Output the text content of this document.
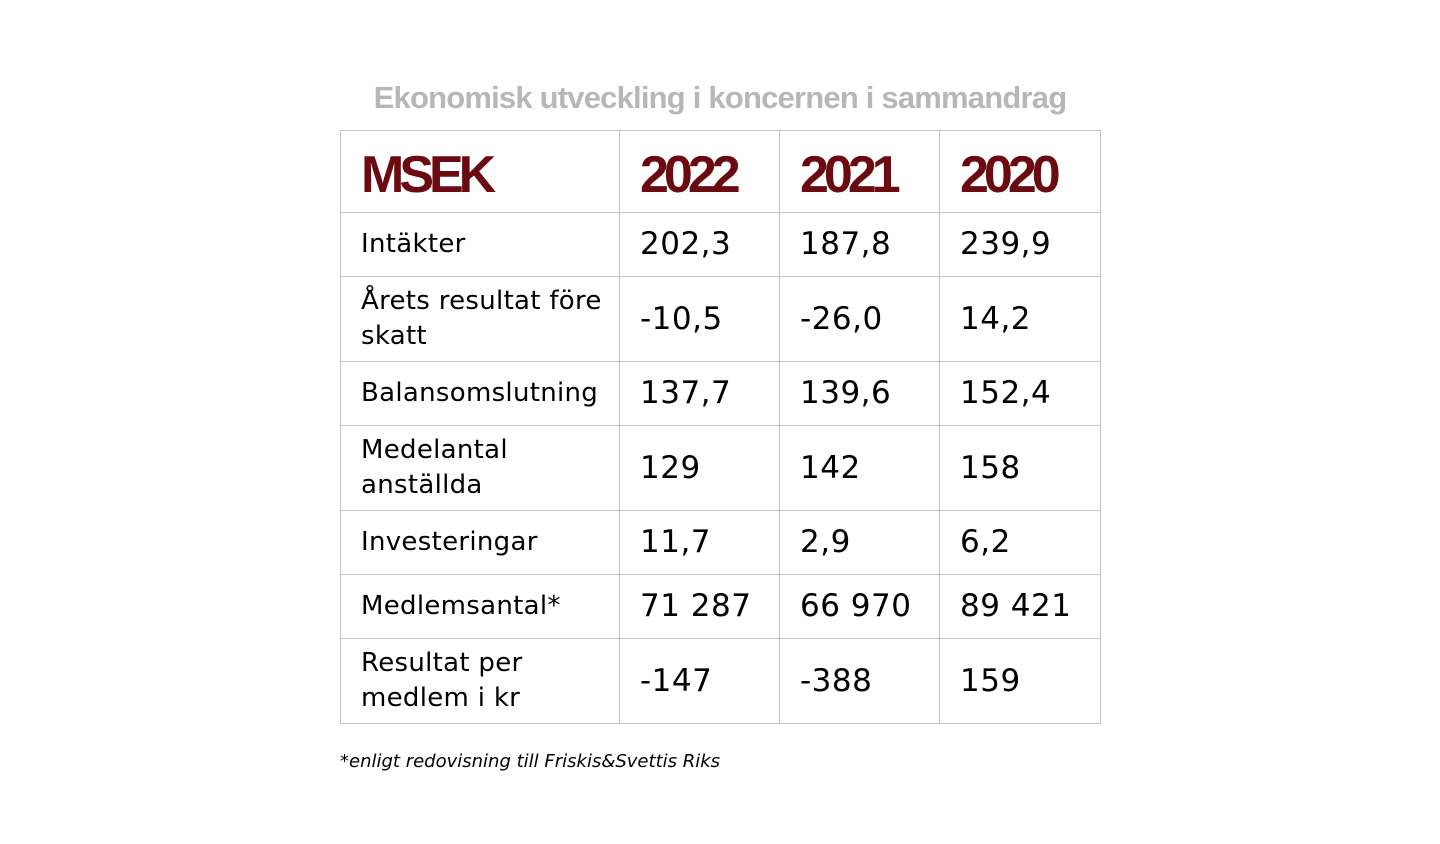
Ekonomisk utveckling i koncernen i sammandrag
MSEK	2022	2021	2020
Intäkter	202,3	187,8	239,9
Årets resultat före skatt	-10,5	-26,0	14,2
Balansomslutning	137,7	139,6	152,4
Medelantal anställda	129	142	158
Investeringar	11,7	2,9	6,2
Medlemsantal*	71 287	66 970	89 421
Resultat per medlem i kr	-147	-388	159
*enligt redovisning till Friskis&Svettis Riks
